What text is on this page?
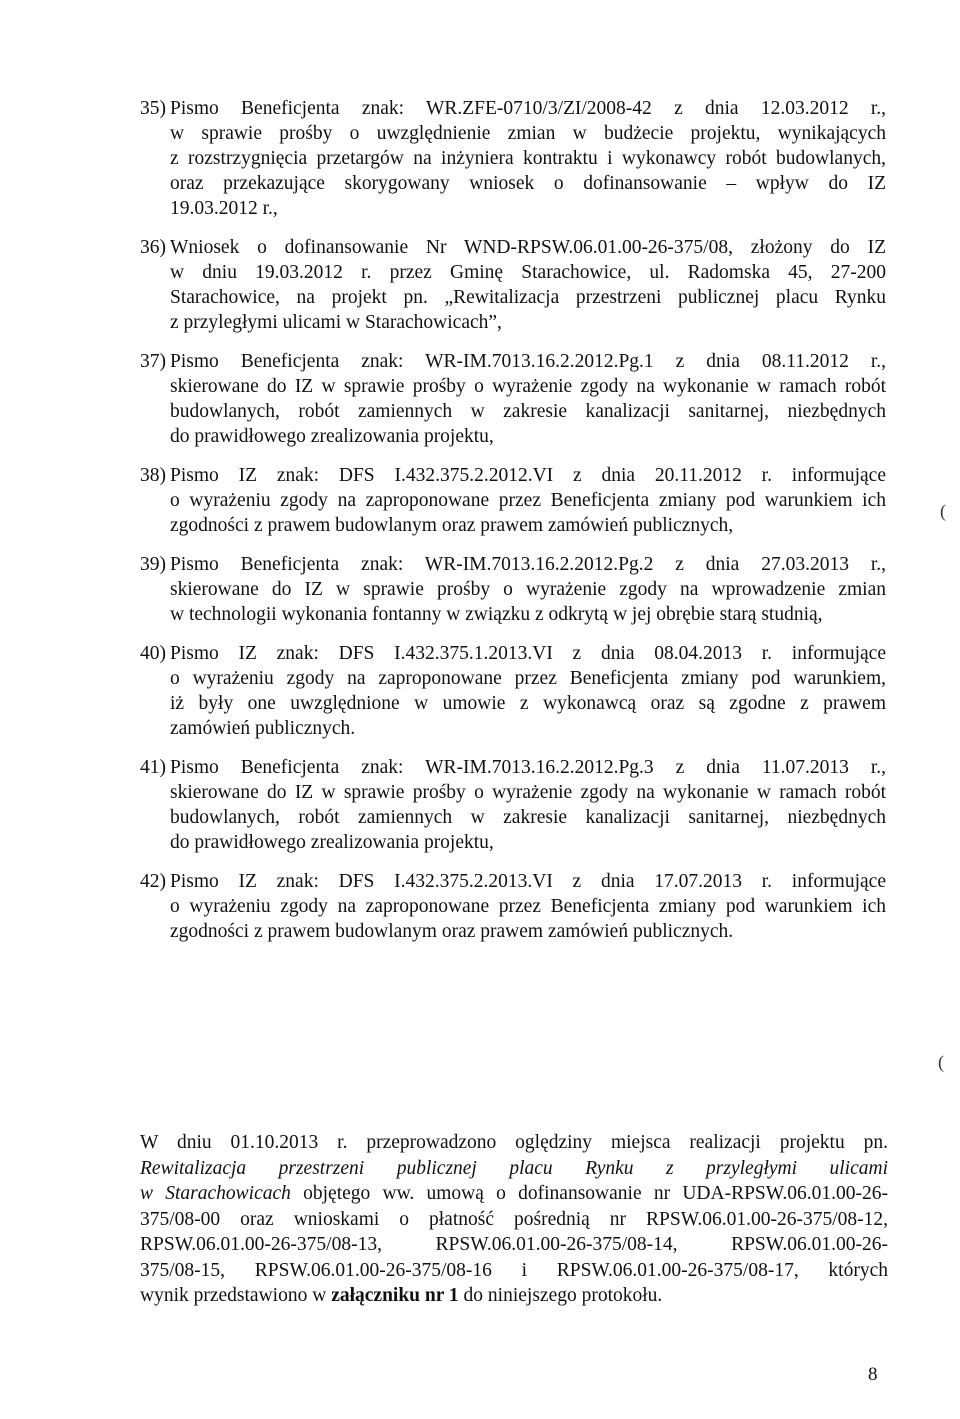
35) Pismo Beneficjenta znak: WR.ZFE-0710/3/ZI/2008-42 z dnia 12.03.2012 r.,
w sprawie prośby o uwzględnienie zmian w budżecie projektu, wynikających
z rozstrzygnięcia przetargów na inżyniera kontraktu i wykonawcy robót budowlanych,
oraz przekazujące skorygowany wniosek o dofinansowanie – wpływ do IZ
19.03.2012 r.,
36) Wniosek o dofinansowanie Nr WND-RPSW.06.01.00-26-375/08, złożony do IZ
w dniu 19.03.2012 r. przez Gminę Starachowice, ul. Radomska 45, 27-200
Starachowice, na projekt pn. „Rewitalizacja przestrzeni publicznej placu Rynku
z przyległymi ulicami w Starachowicach”,
37) Pismo Beneficjenta znak: WR-IM.7013.16.2.2012.Pg.1 z dnia 08.11.2012 r.,
skierowane do IZ w sprawie prośby o wyrażenie zgody na wykonanie w ramach robót
budowlanych, robót zamiennych w zakresie kanalizacji sanitarnej, niezbędnych
do prawidłowego zrealizowania projektu,
38) Pismo IZ znak: DFS I.432.375.2.2012.VI z dnia 20.11.2012 r. informujące
o wyrażeniu zgody na zaproponowane przez Beneficjenta zmiany pod warunkiem ich
zgodności z prawem budowlanym oraz prawem zamówień publicznych,
39) Pismo Beneficjenta znak: WR-IM.7013.16.2.2012.Pg.2 z dnia 27.03.2013 r.,
skierowane do IZ w sprawie prośby o wyrażenie zgody na wprowadzenie zmian
w technologii wykonania fontanny w związku z odkrytą w jej obrębie starą studnią,
40) Pismo IZ znak: DFS I.432.375.1.2013.VI z dnia 08.04.2013 r. informujące
o wyrażeniu zgody na zaproponowane przez Beneficjenta zmiany pod warunkiem,
iż były one uwzględnione w umowie z wykonawcą oraz są zgodne z prawem
zamówień publicznych.
41) Pismo Beneficjenta znak: WR-IM.7013.16.2.2012.Pg.3 z dnia 11.07.2013 r.,
skierowane do IZ w sprawie prośby o wyrażenie zgody na wykonanie w ramach robót
budowlanych, robót zamiennych w zakresie kanalizacji sanitarnej, niezbędnych
do prawidłowego zrealizowania projektu,
42) Pismo IZ znak: DFS I.432.375.2.2013.VI z dnia 17.07.2013 r. informujące
o wyrażeniu zgody na zaproponowane przez Beneficjenta zmiany pod warunkiem ich
zgodności z prawem budowlanym oraz prawem zamówień publicznych.
W dniu 01.10.2013 r. przeprowadzono oględziny miejsca realizacji projektu pn.
Rewitalizacja przestrzeni publicznej placu Rynku z przyległymi ulicami
w Starachowicach objętego ww. umową o dofinansowanie nr UDA-RPSW.06.01.00-26-
375/08-00 oraz wnioskami o płatność pośrednią nr RPSW.06.01.00-26-375/08-12,
RPSW.06.01.00-26-375/08-13, RPSW.06.01.00-26-375/08-14, RPSW.06.01.00-26-
375/08-15, RPSW.06.01.00-26-375/08-16 i RPSW.06.01.00-26-375/08-17, których
wynik przedstawiono w załączniku nr 1 do niniejszego protokołu.
(
(
8
